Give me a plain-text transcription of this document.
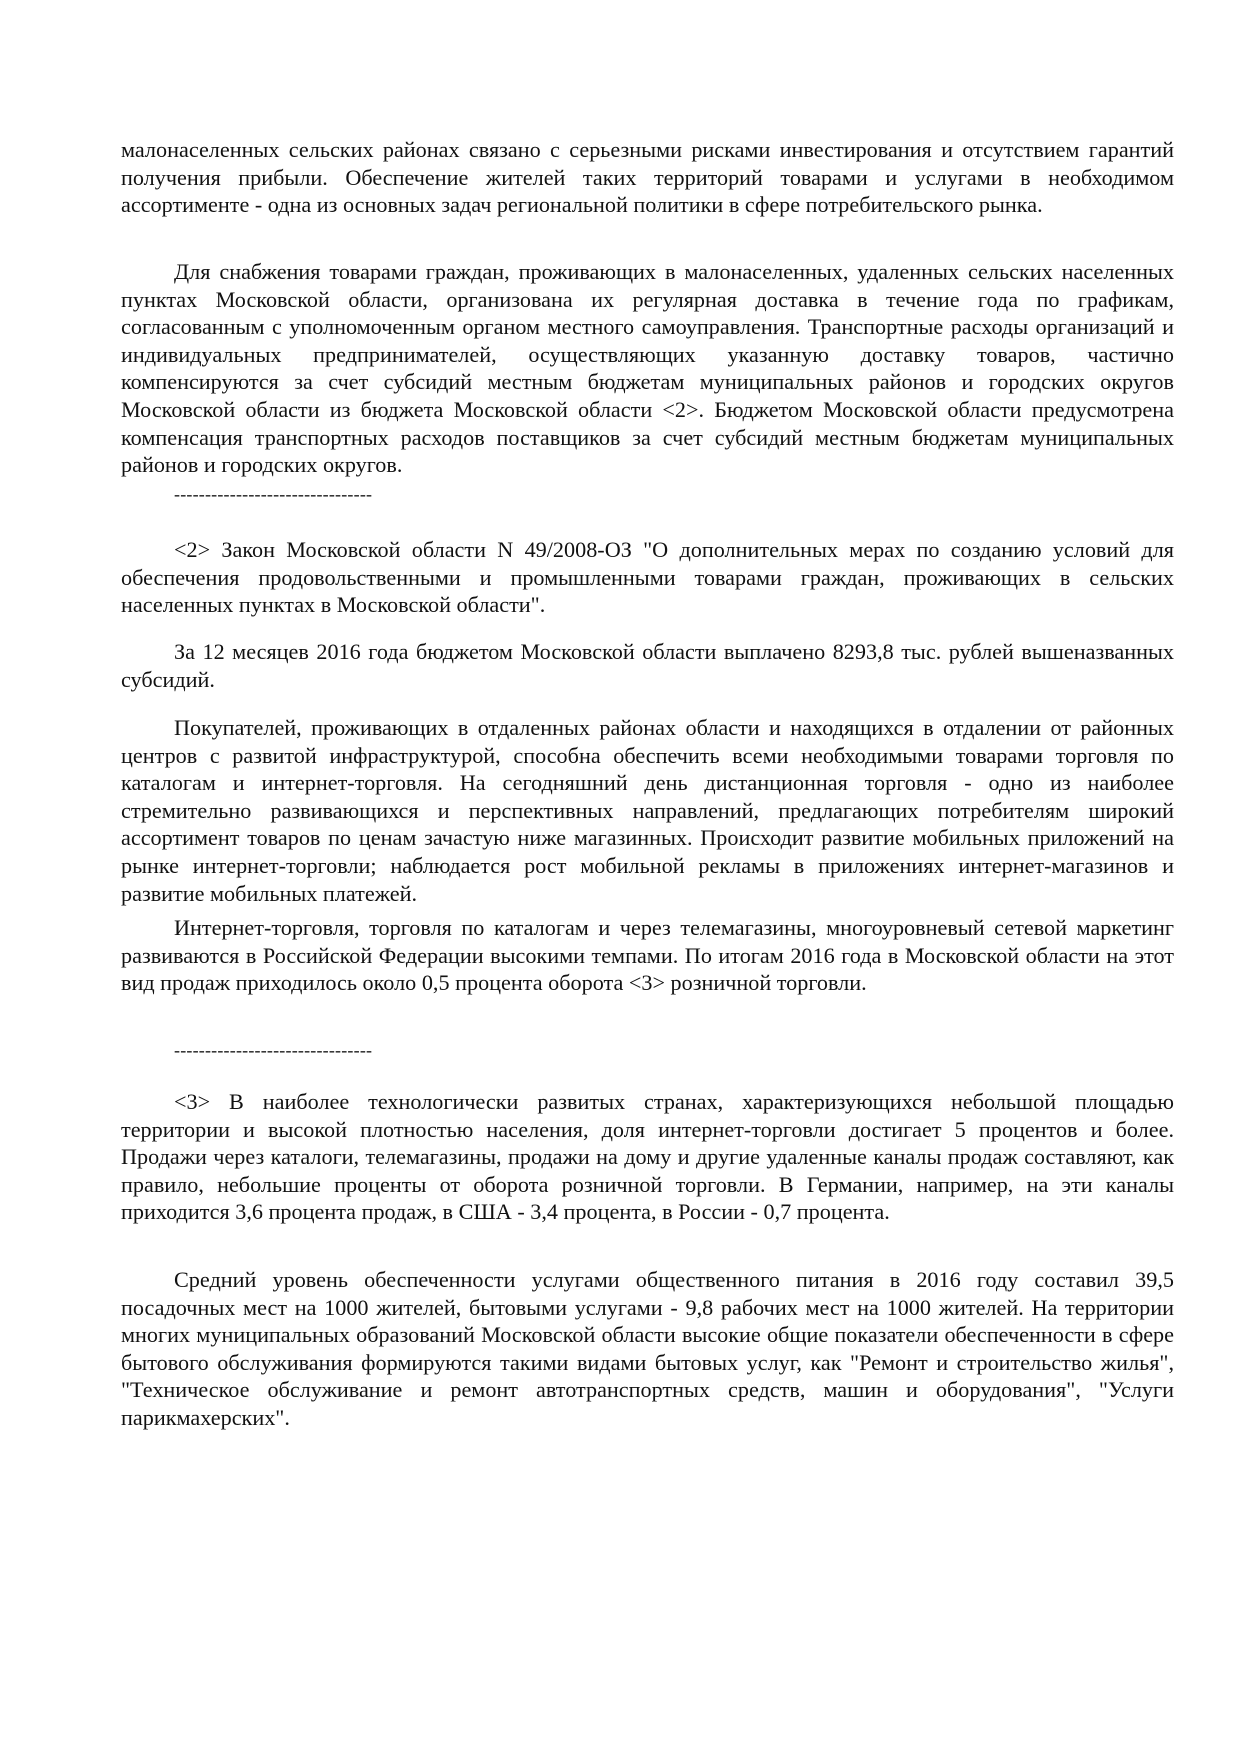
малонаселенных сельских районах связано с серьезными рисками инвестирования и отсутствием гарантий получения прибыли. Обеспечение жителей таких территорий товарами и услугами в необходимом ассортименте - одна из основных задач региональной политики в сфере потребительского рынка.

Для снабжения товарами граждан, проживающих в малонаселенных, удаленных сельских населенных пунктах Московской области, организована их регулярная доставка в течение года по графикам, согласованным с уполномоченным органом местного самоуправления. Транспортные расходы организаций и индивидуальных предпринимателей, осуществляющих указанную доставку товаров, частично компенсируются за счет субсидий местным бюджетам муниципальных районов и городских округов Московской области из бюджета Московской области <2>. Бюджетом Московской области предусмотрена компенсация транспортных расходов поставщиков за счет субсидий местным бюджетам муниципальных районов и городских округов.

--------------------------------

<2> Закон Московской области N 49/2008-ОЗ "О дополнительных мерах по созданию условий для обеспечения продовольственными и промышленными товарами граждан, проживающих в сельских населенных пунктах в Московской области".

За 12 месяцев 2016 года бюджетом Московской области выплачено 8293,8 тыс. рублей вышеназванных субсидий.

Покупателей, проживающих в отдаленных районах области и находящихся в отдалении от районных центров с развитой инфраструктурой, способна обеспечить всеми необходимыми товарами торговля по каталогам и интернет-торговля. На сегодняшний день дистанционная торговля - одно из наиболее стремительно развивающихся и перспективных направлений, предлагающих потребителям широкий ассортимент товаров по ценам зачастую ниже магазинных. Происходит развитие мобильных приложений на рынке интернет-торговли; наблюдается рост мобильной рекламы в приложениях интернет-магазинов и развитие мобильных платежей.

Интернет-торговля, торговля по каталогам и через телемагазины, многоуровневый сетевой маркетинг развиваются в Российской Федерации высокими темпами. По итогам 2016 года в Московской области на этот вид продаж приходилось около 0,5 процента оборота <3> розничной торговли.

--------------------------------

<3> В наиболее технологически развитых странах, характеризующихся небольшой площадью территории и высокой плотностью населения, доля интернет-торговли достигает 5 процентов и более. Продажи через каталоги, телемагазины, продажи на дому и другие удаленные каналы продаж составляют, как правило, небольшие проценты от оборота розничной торговли. В Германии, например, на эти каналы приходится 3,6 процента продаж, в США - 3,4 процента, в России - 0,7 процента.

Средний уровень обеспеченности услугами общественного питания в 2016 году составил 39,5 посадочных мест на 1000 жителей, бытовыми услугами - 9,8 рабочих мест на 1000 жителей. На территории многих муниципальных образований Московской области высокие общие показатели обеспеченности в сфере бытового обслуживания формируются такими видами бытовых услуг, как "Ремонт и строительство жилья", "Техническое обслуживание и ремонт автотранспортных средств, машин и оборудования", "Услуги парикмахерских".
